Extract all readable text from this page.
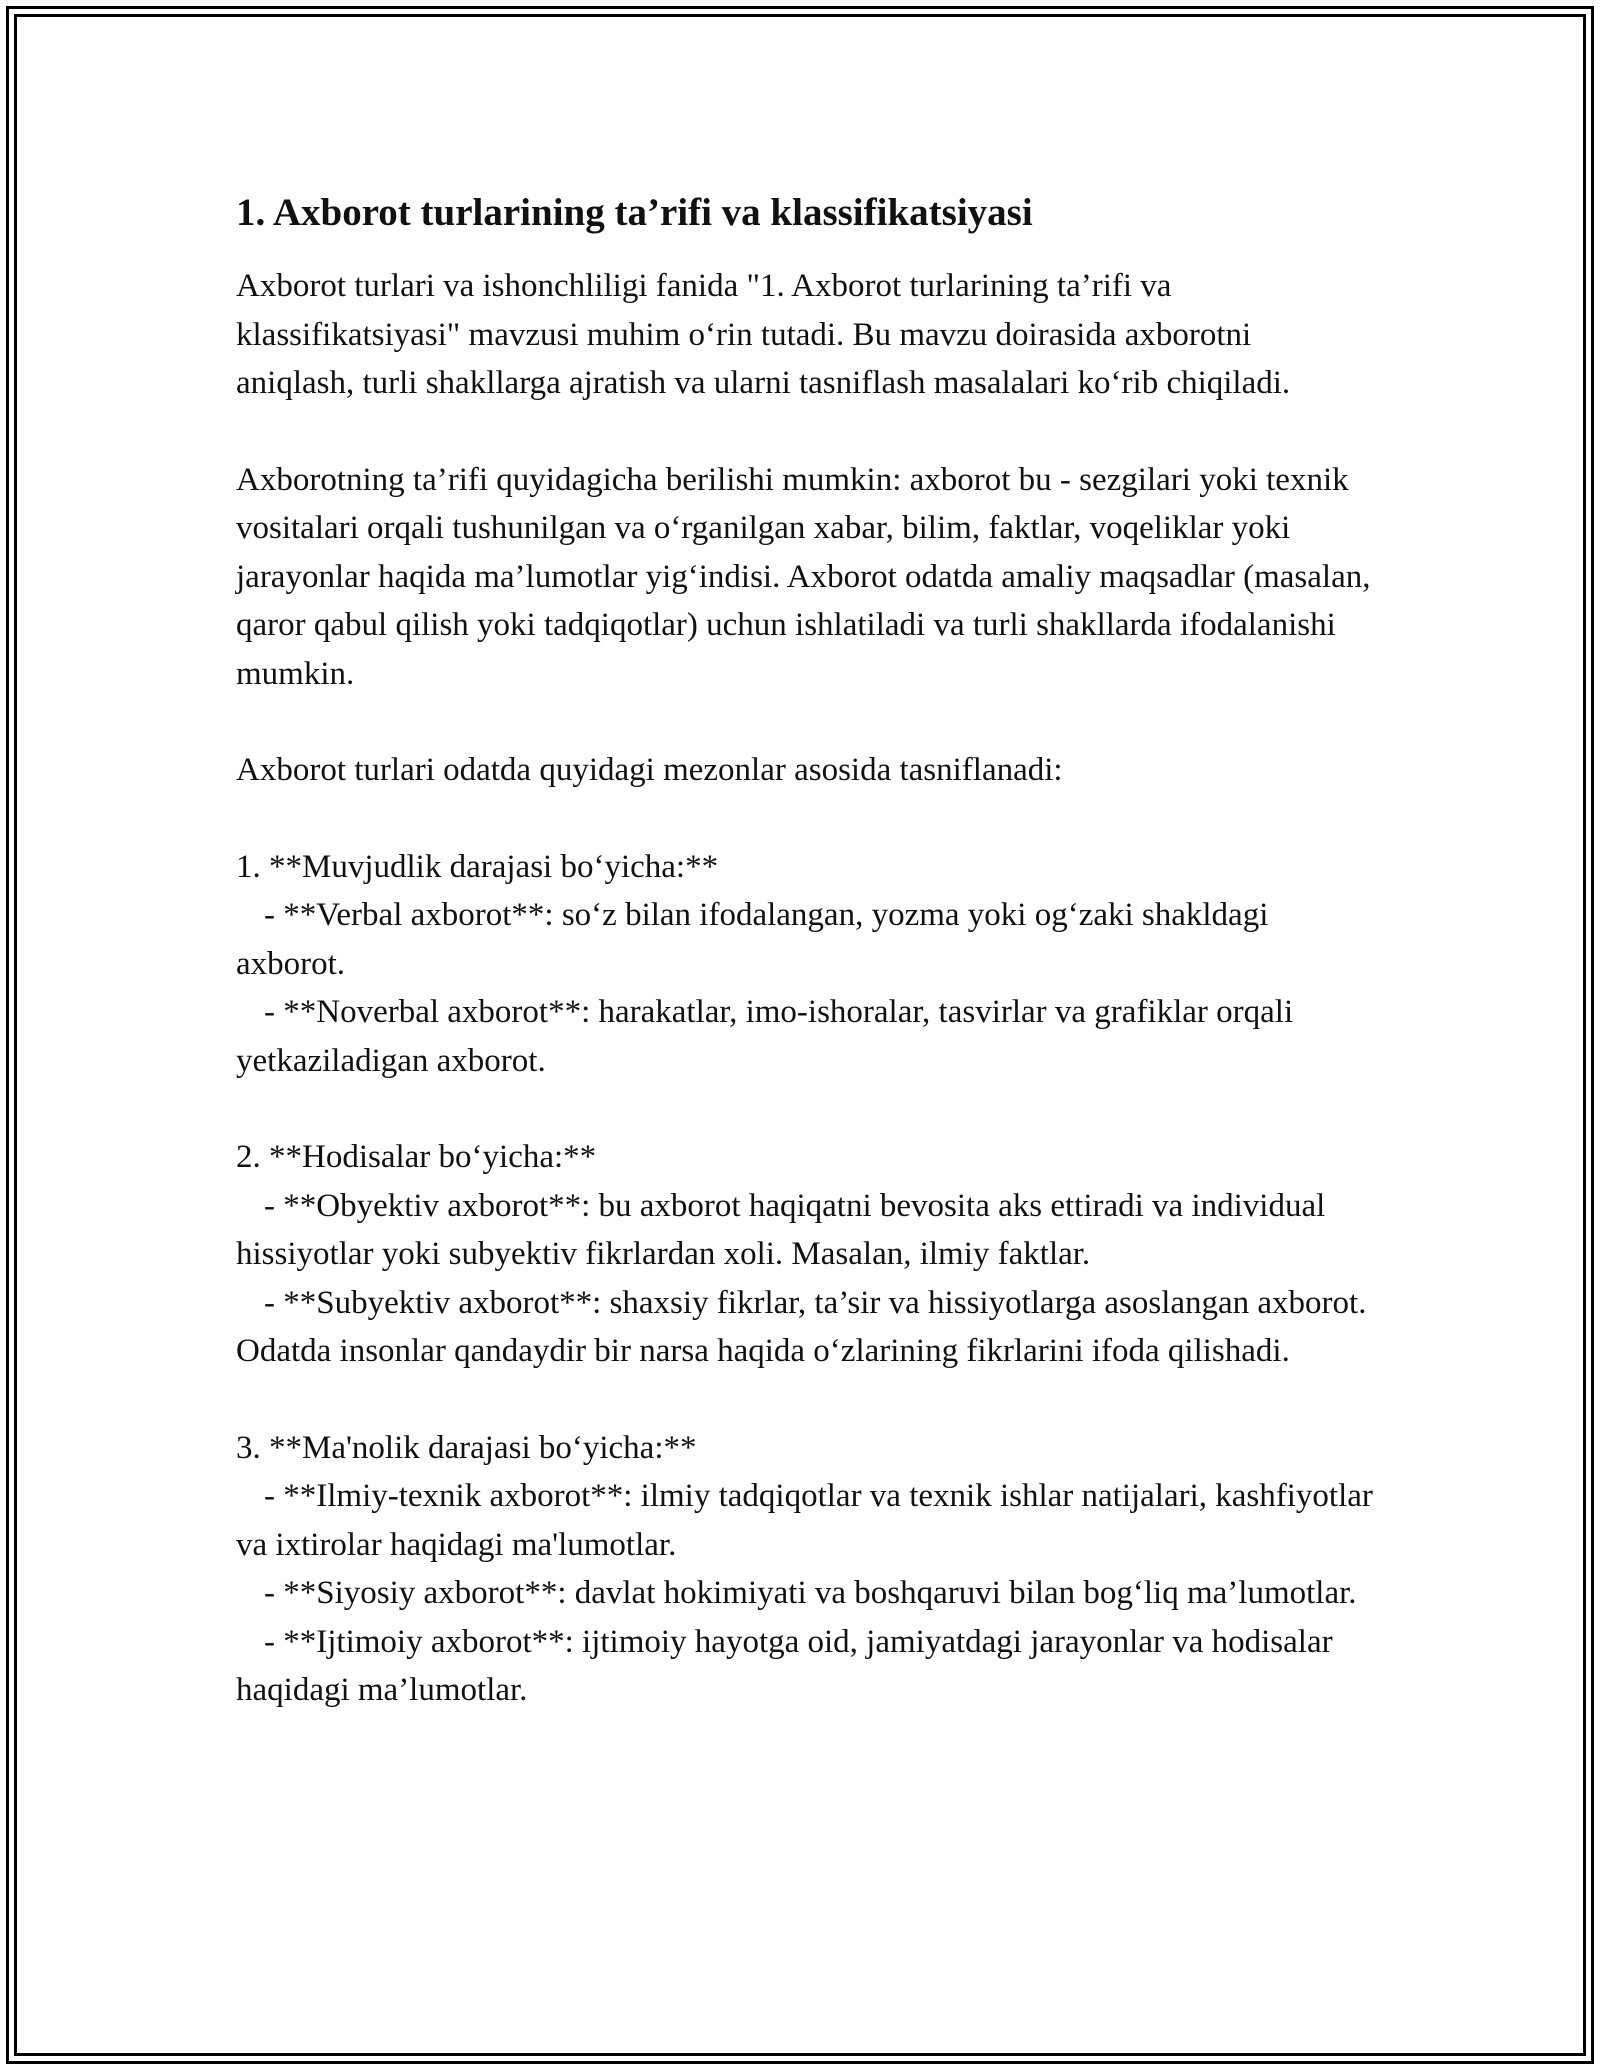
1. Axborot turlarining ta’rifi va klassifikatsiyasi

Axborot turlari va ishonchliligi fanida "1. Axborot turlarining ta’rifi va klassifikatsiyasi" mavzusi muhim o‘rin tutadi. Bu mavzu doirasida axborotni aniqlash, turli shakllarga ajratish va ularni tasniflash masalalari ko‘rib chiqiladi.

Axborotning ta’rifi quyidagicha berilishi mumkin: axborot bu - sezgilari yoki texnik vositalari orqali tushunilgan va o‘rganilgan xabar, bilim, faktlar, voqeliklar yoki jarayonlar haqida ma’lumotlar yig‘indisi. Axborot odatda amaliy maqsadlar (masalan, qaror qabul qilish yoki tadqiqotlar) uchun ishlatiladi va turli shakllarda ifodalanishi mumkin.

Axborot turlari odatda quyidagi mezonlar asosida tasniflanadi:

1. **Muvjudlik darajasi bo‘yicha:**
- **Verbal axborot**: so‘z bilan ifodalangan, yozma yoki og‘zaki shakldagi axborot.
- **Noverbal axborot**: harakatlar, imo-ishoralar, tasvirlar va grafiklar orqali yetkaziladigan axborot.
2. **Hodisalar bo‘yicha:**
- **Obyektiv axborot**: bu axborot haqiqatni bevosita aks ettiradi va individual hissiyotlar yoki subyektiv fikrlardan xoli. Masalan, ilmiy faktlar.
- **Subyektiv axborot**: shaxsiy fikrlar, ta’sir va hissiyotlarga asoslangan axborot. Odatda insonlar qandaydir bir narsa haqida o‘zlarining fikrlarini ifoda qilishadi.
3. **Ma'nolik darajasi bo‘yicha:**
- **Ilmiy-texnik axborot**: ilmiy tadqiqotlar va texnik ishlar natijalari, kashfiyotlar va ixtirolar haqidagi ma'lumotlar.
- **Siyosiy axborot**: davlat hokimiyati va boshqaruvi bilan bog‘liq ma’lumotlar.
- **Ijtimoiy axborot**: ijtimoiy hayotga oid, jamiyatdagi jarayonlar va hodisalar haqidagi ma’lumotlar.
